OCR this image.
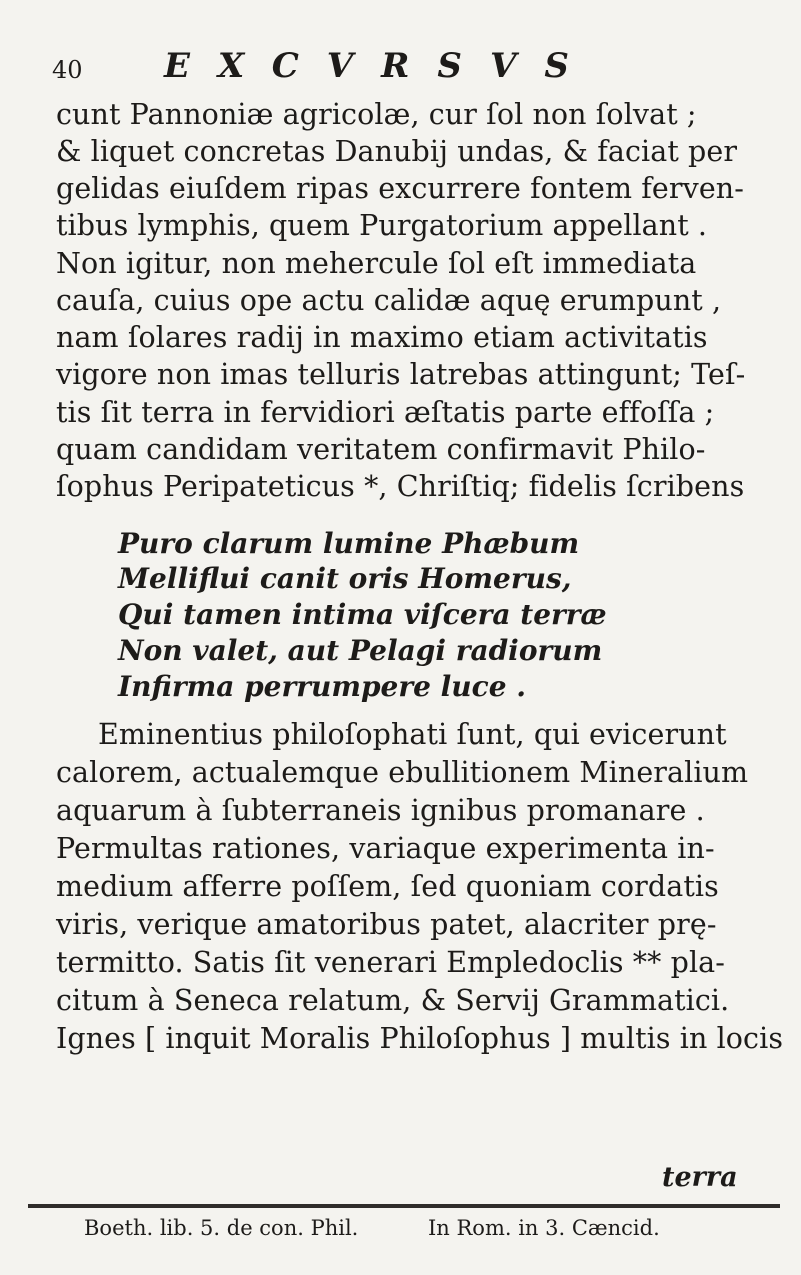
40 EXCVRSVS
cunt Pannoniæ agricolæ, cur ſol non ſolvat ;
& liquet concretas Danubij undas, & faciat per
gelidas eiuſdem ripas excurrere fontem ferven-
tibus lymphis, quem Purgatorium appellant .
Non igitur, non mehercule ſol eſt immediata
cauſa, cuius ope actu calidæ aquę erumpunt ,
nam ſolares radij in maximo etiam activitatis
vigore non imas telluris latrebas attingunt; Teſ-
tis ſit terra in fervidiori æſtatis parte effoſſa ;
quam candidam veritatem confirmavit Philo-
ſophus Peripateticus *, Chriſtiq; fidelis ſcribens
Puro clarum lumine Phæbum
Melliflui canit oris Homerus,
Qui tamen intima viſcera terræ
Non valet, aut Pelagi radiorum
Infirma perrumpere luce .
Eminentius philoſophati ſunt, qui evicerunt
calorem, actualemque ebullitionem Mineralium
aquarum à ſubterraneis ignibus promanare .
Permultas rationes, variaque experimenta in-
medium afferre poſſem, ſed quoniam cordatis
viris, verique amatoribus patet, alacriter prę-
termitto. Satis ſit venerari Empledoclis ** pla-
citum à Seneca relatum, & Servij Grammatici.
Ignes [ inquit Moralis Philoſophus ] multis in locis
terra
Boeth. lib. 5. de con. Phil.	In Rom. in 3. Cæncid.
